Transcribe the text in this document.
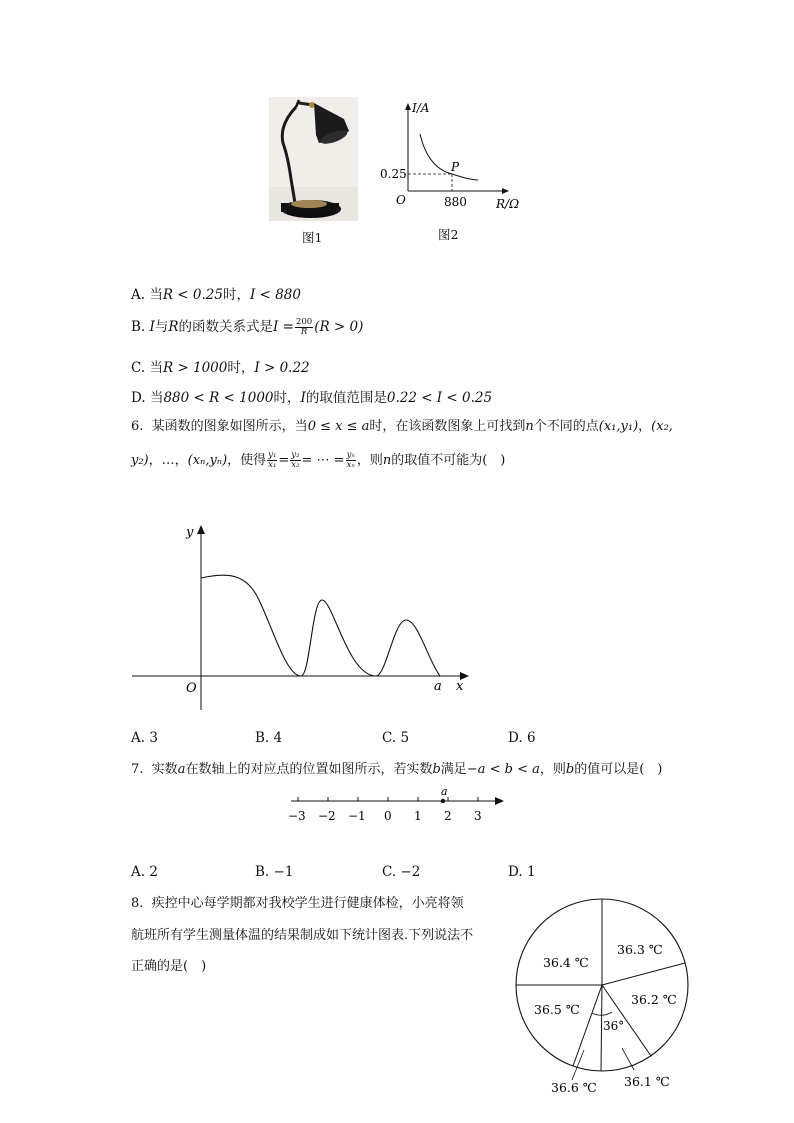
图1
I/A
R/Ω
O
P
0.25
880
图2
A. 当R < 0.25时，I < 880
B. I与R的函数关系式是$I = \frac{200}{R} (R > 0)$
C. 当R > 1000时，I > 0.22
D. 当880 < R < 1000时，I的取值范围是0.22 < I < 0.25
6. 某函数的图象如图所示，当0 ≤ x ≤ a时，在该函数图象上可找到n个不同的点(x₁,y₁)，(x₂,
y₂)，…，(xₙ,yₙ)，使得 $\frac{\text{y₁}}{\text{x₁}} = \frac{\text{y₂}}{\text{x₂}}$ = ⋯ = $\frac{\text{yₙ}}{\text{xₙ}}$ ，则n的取值不可能为(　)
y
x
O	a
A. 3	B. 4	C. 5	D. 6
7. 实数a在数轴上的对应点的位置如图所示，若实数b满足−a < b < a，则b的值可以是(　)
a
−3 −2 −1 0 1 2 3
A. 2	B. −1	C. −2	D. 1
8. 疾控中心每学期都对我校学生进行健康体检，小亮将领
航班所有学生测量体温的结果制成如下统计图表.下列说法不
正确的是(　)	36.4 ℃
36.3 ℃
36.2 ℃
36.5 ℃
36.6 ℃ 36.1 ℃
36°
